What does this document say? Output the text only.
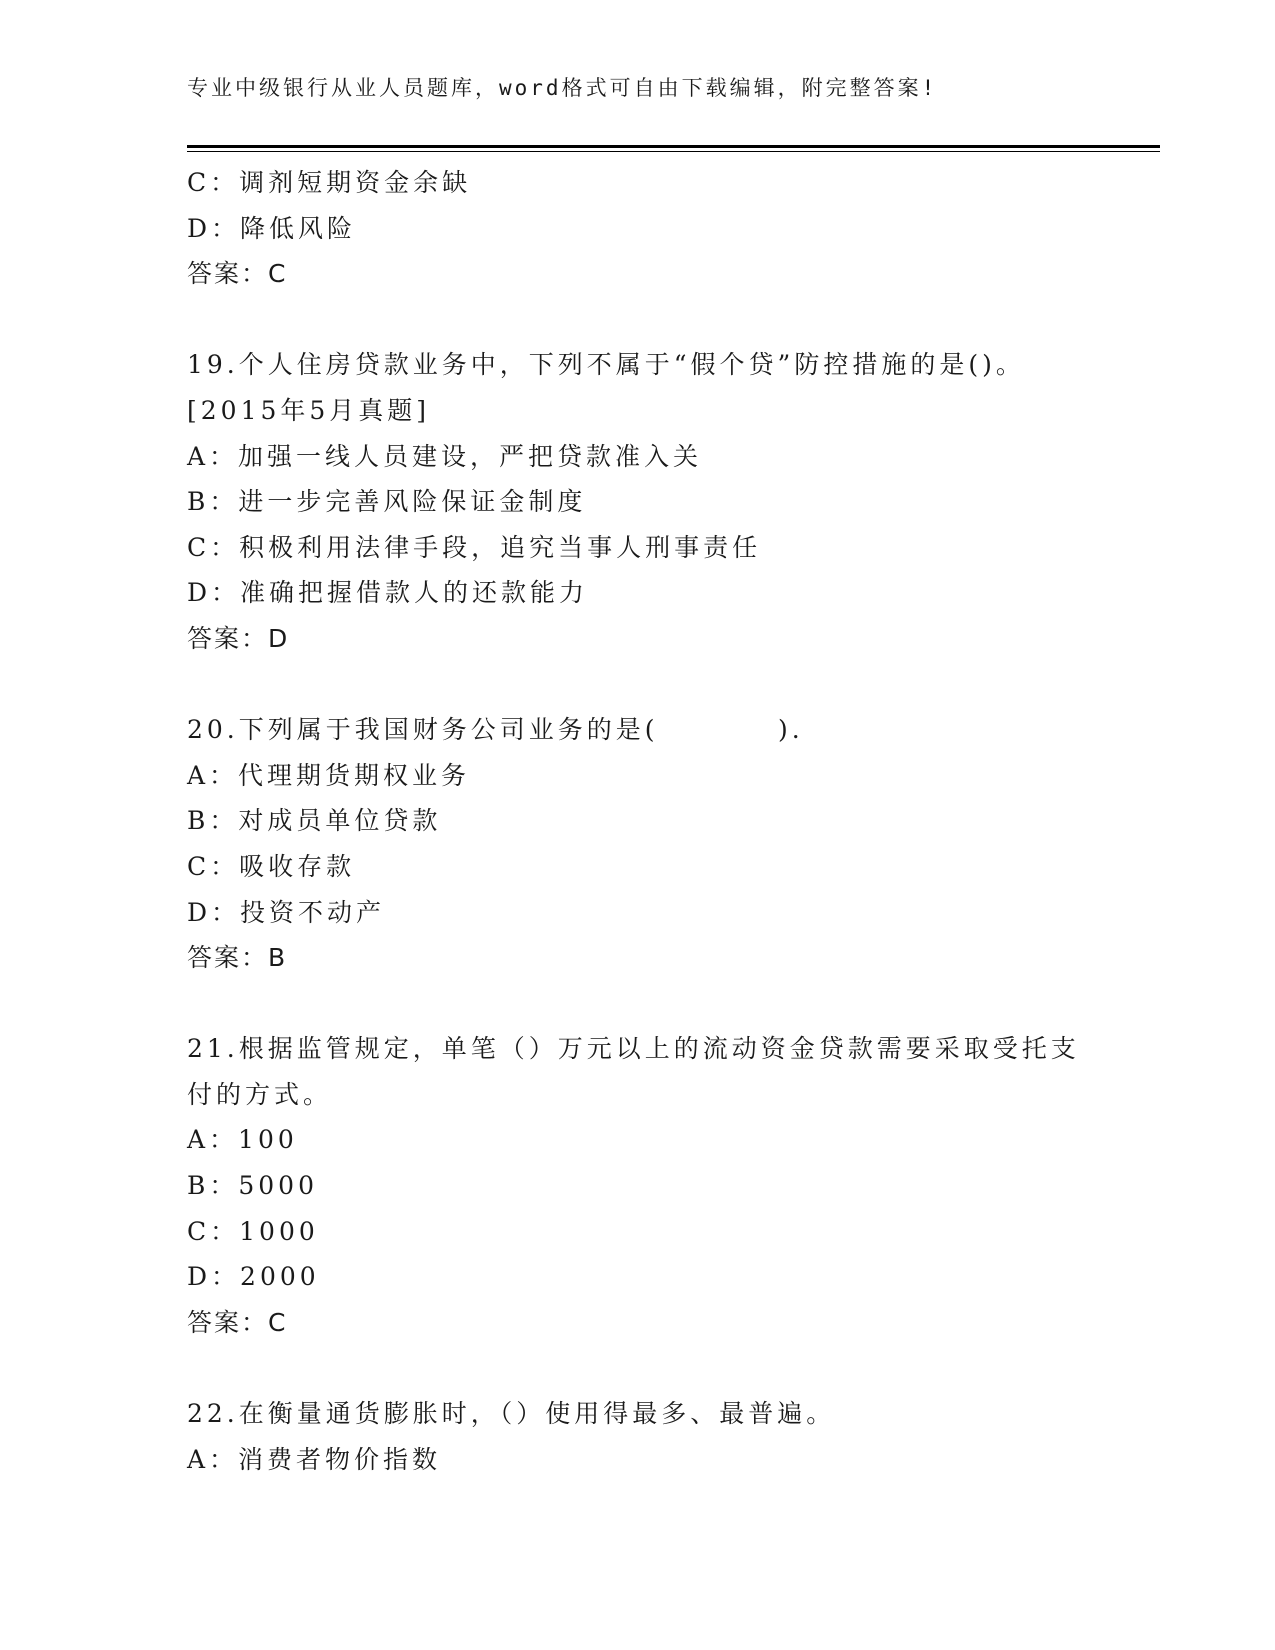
专业中级银行从业人员题库，word格式可自由下载编辑，附完整答案!
C：调剂短期资金余缺
D：降低风险
答案：C
19.个人住房贷款业务中，下列不属于“假个贷”防控措施的是()。
[2015年5月真题]
A：加强一线人员建设，严把贷款准入关
B：进一步完善风险保证金制度
C：积极利用法律手段，追究当事人刑事责任
D：准确把握借款人的还款能力
答案：D
20.下列属于我国财务公司业务的是(          ).
A：代理期货期权业务
B：对成员单位贷款
C：吸收存款
D：投资不动产
答案：B
21.根据监管规定，单笔（）万元以上的流动资金贷款需要采取受托支
付的方式。
A：100
B：5000
C：1000
D：2000
答案：C
22.在衡量通货膨胀时，（）使用得最多、最普遍。
A：消费者物价指数
